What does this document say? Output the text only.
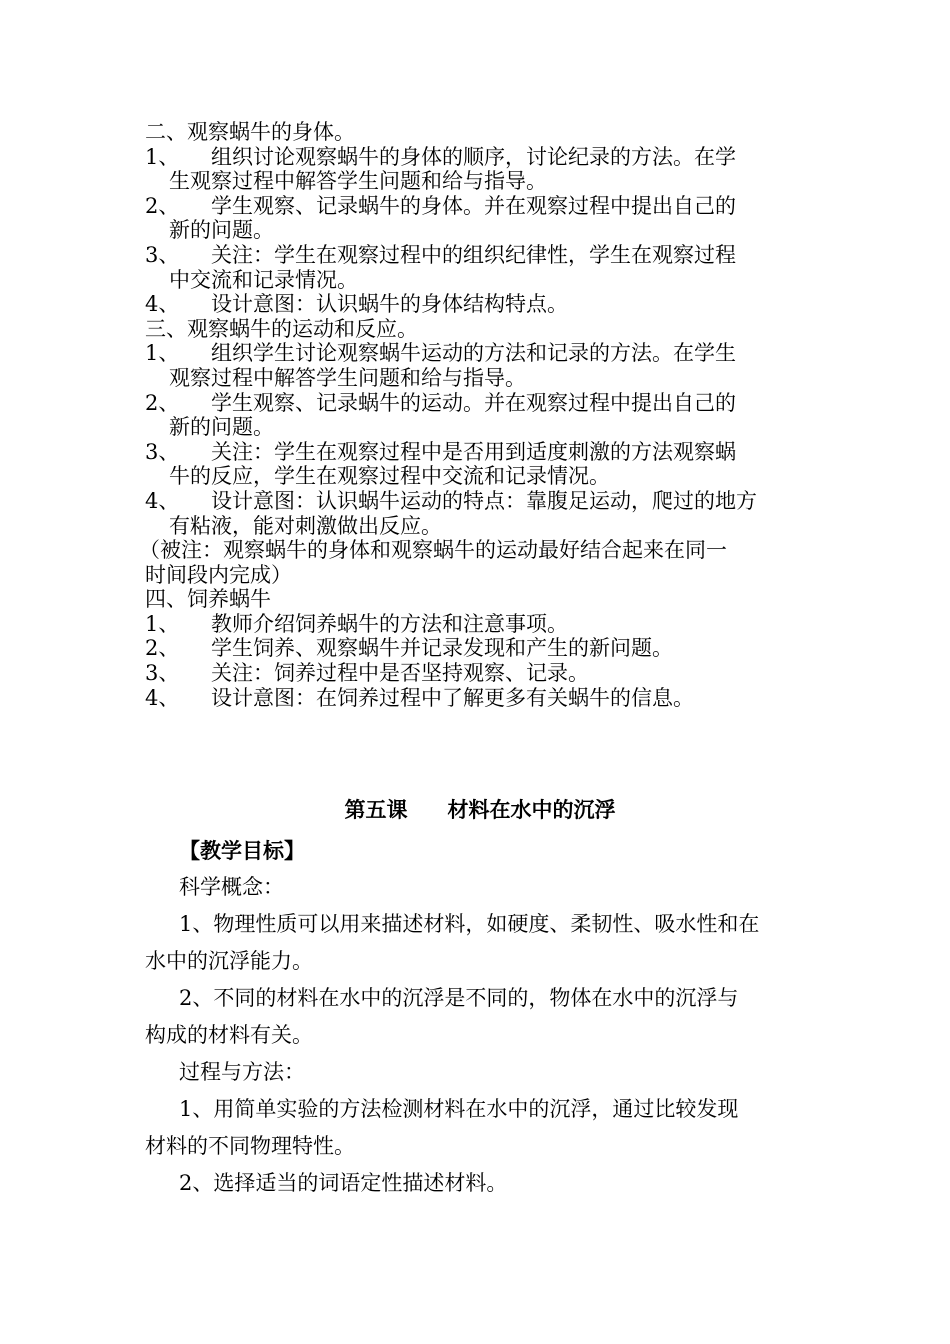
二、观察蜗牛的身体。

1、	组织讨论观察蜗牛的身体的顺序，讨论纪录的方法。在学

生观察过程中解答学生问题和给与指导。

2、	学生观察、记录蜗牛的身体。并在观察过程中提出自己的

新的问题。

3、	关注：学生在观察过程中的组织纪律性，学生在观察过程

中交流和记录情况。

4、	设计意图：认识蜗牛的身体结构特点。

三、观察蜗牛的运动和反应。

1、	组织学生讨论观察蜗牛运动的方法和记录的方法。在学生

观察过程中解答学生问题和给与指导。

2、	学生观察、记录蜗牛的运动。并在观察过程中提出自己的

新的问题。

3、	关注：学生在观察过程中是否用到适度刺激的方法观察蜗

牛的反应，学生在观察过程中交流和记录情况。

4、	设计意图：认识蜗牛运动的特点：靠腹足运动，爬过的地方

有粘液，能对刺激做出反应。

（被注：观察蜗牛的身体和观察蜗牛的运动最好结合起来在同一

时间段内完成）

四、饲养蜗牛

1、	教师介绍饲养蜗牛的方法和注意事项。
2、	学生饲养、观察蜗牛并记录发现和产生的新问题。
3、	关注：饲养过程中是否坚持观察、记录。
4、	设计意图：在饲养过程中了解更多有关蜗牛的信息。

第五课 材料在水中的沉浮

【教学目标】

科学概念：

1、物理性质可以用来描述材料，如硬度、柔韧性、吸水性和在
水中的沉浮能力。

2、不同的材料在水中的沉浮是不同的，物体在水中的沉浮与
构成的材料有关。

过程与方法：

1、用简单实验的方法检测材料在水中的沉浮，通过比较发现
材料的不同物理特性。

2、选择适当的词语定性描述材料。
